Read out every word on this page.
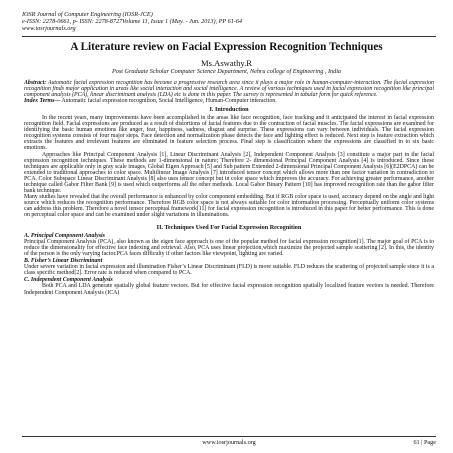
IOSR Journal of Computer Engineering (IOSR-JCE)
e-ISSN: 2278-0661, p- ISSN: 2278-8727Volume 11, Issue 1 (May. - Jun. 2013), PP 61-64
www.iosrjournals.org
A Literature review on Facial Expression Recognition Techniques
Ms.Aswathy.R
Post Graduate Scholar Computer Science Department, Nehru college of Engineering , India

Abstract: Automatic facial expression recognition has become a progressive research area since it plays a major role in human-computer-interaction. The facial expression recognition finds major application in areas like social interaction and social intelligence. A review of various techniques used in facial expression recognition like principal component analysis (PCA), linear discriminant analysis (LDA) etc is done in this paper. The survey is represented in tabular form for quick reference.

Index Terms— Automatic facial expression recognition, Social Intelligence, Human-Computer interaction.

I. Introduction

In the recent years, many improvements have been accomplished in the areas like face recognition, face tracking and it anticipated the interest in facial expression recognition field. Facial expressions are produced as a result of distortions of facial features due to the contraction of facial muscles. The facial expressions are examined for identifying the basic human emotions like anger, fear, happiness, sadness, disgust and surprise. These expressions can vary between individuals. The facial expression recognition systems consists of four major steps. Face detection and normalization phase detects the face and lighting effect is reduced. Next step is feature extraction which extracts the features and irrelevant features are eliminated in feature selection process. Final step is classification where the expressions are classified in to six basic emotions.

Approaches like Principal Component Analysis [1], Linear Discriminant Analysis [2], Independent Component Analysis [3] constitute a major part in the facial expression recognition techniques. These methods are 1-dimensional in nature; Therefore 2- dimensional Principal Component Analysis [4] is introduced. Since these techniques are applicable only in gray scale images, Global Eigen Approach [5] and Sub pattern Extended 2-dimensional Principal Component Analysis [6](E2DPCA) can be extended to traditional approaches to color space. Multilinear Image Analysis [7] introduced tensor concept which allows more than one factor variation in contradiction to PCA. Color Subspace Linear Discriminant Analysis [8] also uses tensor concept but in color space which improves the accuracy. For achieving greater performance, another technique called Gabor Filter Bank [9] is used which outperforms all the other methods. Local Gabor Binary Pattern [10] has improved recognition rate than the gabor filter bank technique.

Many studies have revealed that the overall performance is enhanced by color component embedding. But if RGB color space is used, accuracy depend on the angle and light source which reduces the recognition performance. Therefore RGB color space is not always suitable for color information processing. Perceptually uniform color systems can address this problem. Therefore a novel tensor perceptual framework[11] for facial expression recognition is introduced in this paper for better performance. This is done on perceptual color space and can be examined under slight variations in illuminations.

II. Techniques Used For Facial Expression Recognition

A. Principal Component Analysis

Principal Component Analysis (PCA), also known as the eigen face approach is one of the popular method for facial expression recognition[1]. The major goal of PCA is to reduce the dimensionality for effective face indexing and retrieval. Also, PCA uses linear projection,which maximize the projected sample scattering [2]. In this, the identity of the person is the only varying factor.PCA faces difficulty if other factors like viewpoint, lighting are varied.

B. Fisher’s Linear Discriminant

Under severe variation in facial expression and illumination Fisher’s Linear Discriminant (FLD) is more suitable. FLD reduces the scattering of projected sample since it is a class specific method[2]. Error rate is reduced when compared to PCA.

C. Independent Component Analysis

Both PCA and LDA generate spatially global feature vectors. But for effective facial expression recognition spatially localized feature vectors is needed. Therefore Independent Component Analysis (ICA)

www.iosrjournals.org	61 | Page
